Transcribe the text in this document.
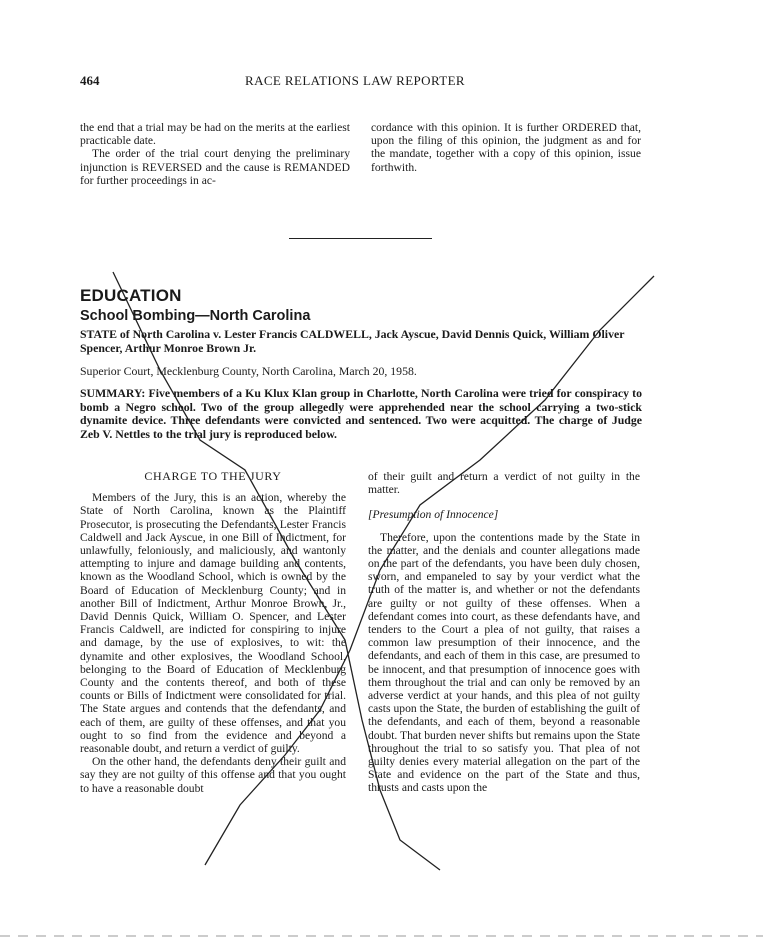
464	RACE RELATIONS LAW REPORTER

the end that a trial may be had on the merits at the earliest practicable date.

The order of the trial court denying the preliminary injunction is REVERSED and the cause is REMANDED for further proceedings in ac-

cordance with this opinion. It is further ORDERED that, upon the filing of this opinion, the judgment as and for the mandate, together with a copy of this opinion, issue forthwith.

EDUCATION
School Bombing—North Carolina
STATE of North Carolina v. Lester Francis CALDWELL, Jack Ayscue, David Dennis Quick, William Oliver Spencer, Arthur Monroe Brown Jr.
Superior Court, Mecklenburg County, North Carolina, March 20, 1958.
SUMMARY: Five members of a Ku Klux Klan group in Charlotte, North Carolina were tried for conspiracy to bomb a Negro school. Two of the group allegedly were apprehended near the school carrying a two-stick dynamite device. Three defendants were convicted and sentenced. Two were acquitted. The charge of Judge Zeb V. Nettles to the trial jury is reproduced below.
CHARGE TO THE JURY

Members of the Jury, this is an action, whereby the State of North Carolina, known as the Plaintiff Prosecutor, is prosecuting the Defendants, Lester Francis Caldwell and Jack Ayscue, in one Bill of Indictment, for unlawfully, feloniously, and maliciously, and wantonly attempting to injure and damage building and contents, known as the Woodland School, which is owned by the Board of Education of Mecklenburg County; and in another Bill of Indictment, Arthur Monroe Brown, Jr., David Dennis Quick, William O. Spencer, and Lester Francis Caldwell, are indicted for conspiring to injure and damage, by the use of explosives, to wit: the dynamite and other explosives, the Woodland School, belonging to the Board of Education of Mecklenburg County and the contents thereof, and both of these counts or Bills of Indictment were consolidated for trial. The State argues and contends that the defendants, and each of them, are guilty of these offenses, and that you ought to so find from the evidence and beyond a reasonable doubt, and return a verdict of guilty.

On the other hand, the defendants deny their guilt and say they are not guilty of this offense and that you ought to have a reasonable doubt

of their guilt and return a verdict of not guilty in the matter.

[Presumption of Innocence]

Therefore, upon the contentions made by the State in the matter, and the denials and counter allegations made on the part of the defendants, you have been duly chosen, sworn, and empaneled to say by your verdict what the truth of the matter is, and whether or not the defendants are guilty or not guilty of these offenses. When a defendant comes into court, as these defendants have, and tenders to the Court a plea of not guilty, that raises a common law presumption of their innocence, and the defendants, and each of them in this case, are presumed to be innocent, and that presumption of innocence goes with them throughout the trial and can only be removed by an adverse verdict at your hands, and this plea of not guilty casts upon the State, the burden of establishing the guilt of the defendants, and each of them, beyond a reasonable doubt. That burden never shifts but remains upon the State throughout the trial to so satisfy you. That plea of not guilty denies every material allegation on the part of the State and evidence on the part of the State and thus, thrusts and casts upon the
